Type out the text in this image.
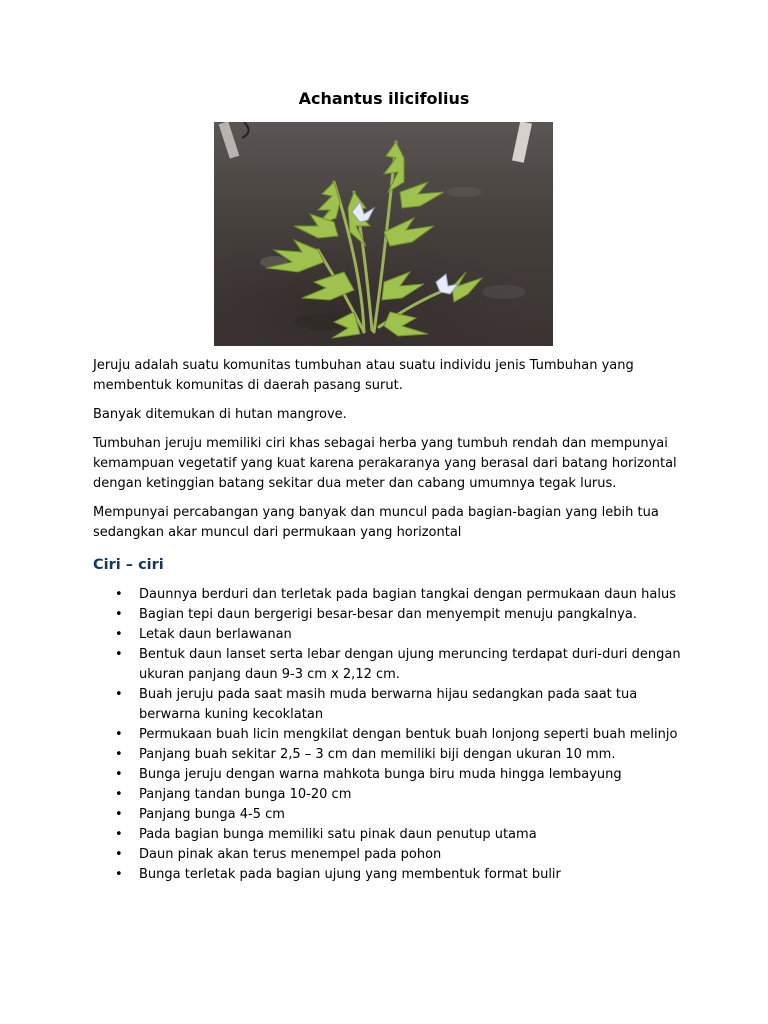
Achantus ilicifolius

Jeruju adalah suatu komunitas tumbuhan atau suatu individu jenis Tumbuhan yang membentuk komunitas di daerah pasang surut.

Banyak ditemukan di hutan mangrove.

Tumbuhan jeruju memiliki ciri khas sebagai herba yang tumbuh rendah dan mempunyai kemampuan vegetatif yang kuat karena perakaranya yang berasal dari batang horizontal dengan ketinggian batang sekitar dua meter dan cabang umumnya tegak lurus.

Mempunyai percabangan yang banyak dan muncul pada bagian-bagian yang lebih tua sedangkan akar muncul dari permukaan yang horizontal

Ciri – ciri
• Daunnya berduri dan terletak pada bagian tangkai dengan permukaan daun halus
• Bagian tepi daun bergerigi besar-besar dan menyempit menuju pangkalnya.
• Letak daun berlawanan
• Bentuk daun lanset serta lebar dengan ujung meruncing terdapat duri-duri dengan ukuran panjang daun 9-3 cm x 2,12 cm.
• Buah jeruju pada saat masih muda berwarna hijau sedangkan pada saat tua berwarna kuning kecoklatan
• Permukaan buah licin mengkilat dengan bentuk buah lonjong seperti buah melinjo
• Panjang buah sekitar 2,5 – 3 cm dan memiliki biji dengan ukuran 10 mm.
• Bunga jeruju dengan warna mahkota bunga biru muda hingga lembayung
• Panjang tandan bunga 10-20 cm
• Panjang bunga 4-5 cm
• Pada bagian bunga memiliki satu pinak daun penutup utama
• Daun pinak akan terus menempel pada pohon
• Bunga terletak pada bagian ujung yang membentuk format bulir
